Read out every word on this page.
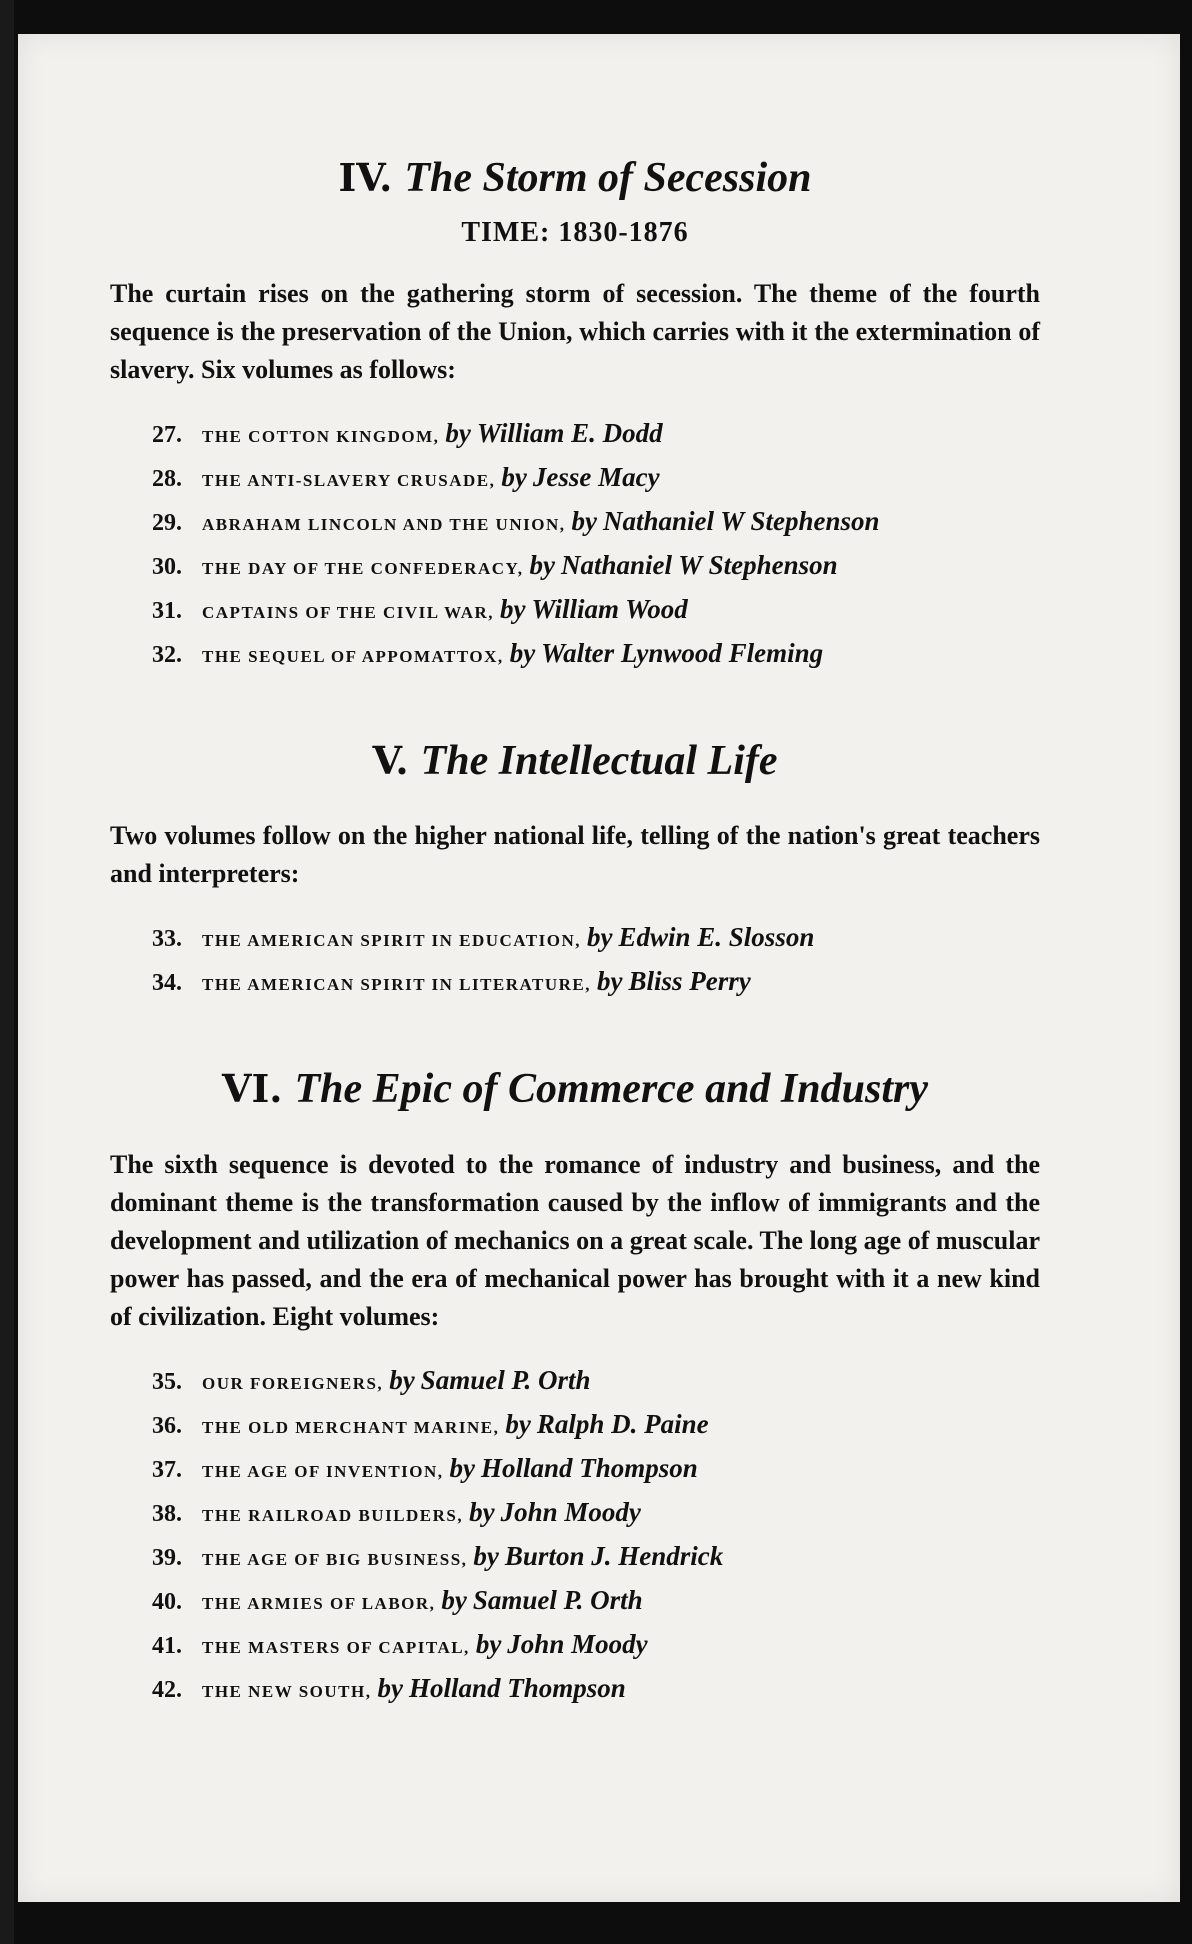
IV. The Storm of Secession
TIME: 1830-1876

The curtain rises on the gathering storm of secession. The theme of the fourth sequence is the preservation of the Union, which carries with it the extermination of slavery. Six volumes as follows:

27. THE COTTON KINGDOM, by William E. Dodd
28. THE ANTI-SLAVERY CRUSADE, by Jesse Macy
29. ABRAHAM LINCOLN AND THE UNION, by Nathaniel W Stephenson
30. THE DAY OF THE CONFEDERACY, by Nathaniel W Stephenson
31. CAPTAINS OF THE CIVIL WAR, by William Wood
32. THE SEQUEL OF APPOMATTOX, by Walter Lynwood Fleming
V. The Intellectual Life

Two volumes follow on the higher national life, telling of the nation's great teachers and interpreters:

33. THE AMERICAN SPIRIT IN EDUCATION, by Edwin E. Slosson
34. THE AMERICAN SPIRIT IN LITERATURE, by Bliss Perry
VI. The Epic of Commerce and Industry

The sixth sequence is devoted to the romance of industry and business, and the dominant theme is the transformation caused by the inflow of immigrants and the development and utilization of mechanics on a great scale. The long age of muscular power has passed, and the era of mechanical power has brought with it a new kind of civilization. Eight volumes:

35. OUR FOREIGNERS, by Samuel P. Orth
36. THE OLD MERCHANT MARINE, by Ralph D. Paine
37. THE AGE OF INVENTION, by Holland Thompson
38. THE RAILROAD BUILDERS, by John Moody
39. THE AGE OF BIG BUSINESS, by Burton J. Hendrick
40. THE ARMIES OF LABOR, by Samuel P. Orth
41. THE MASTERS OF CAPITAL, by John Moody
42. THE NEW SOUTH, by Holland Thompson
